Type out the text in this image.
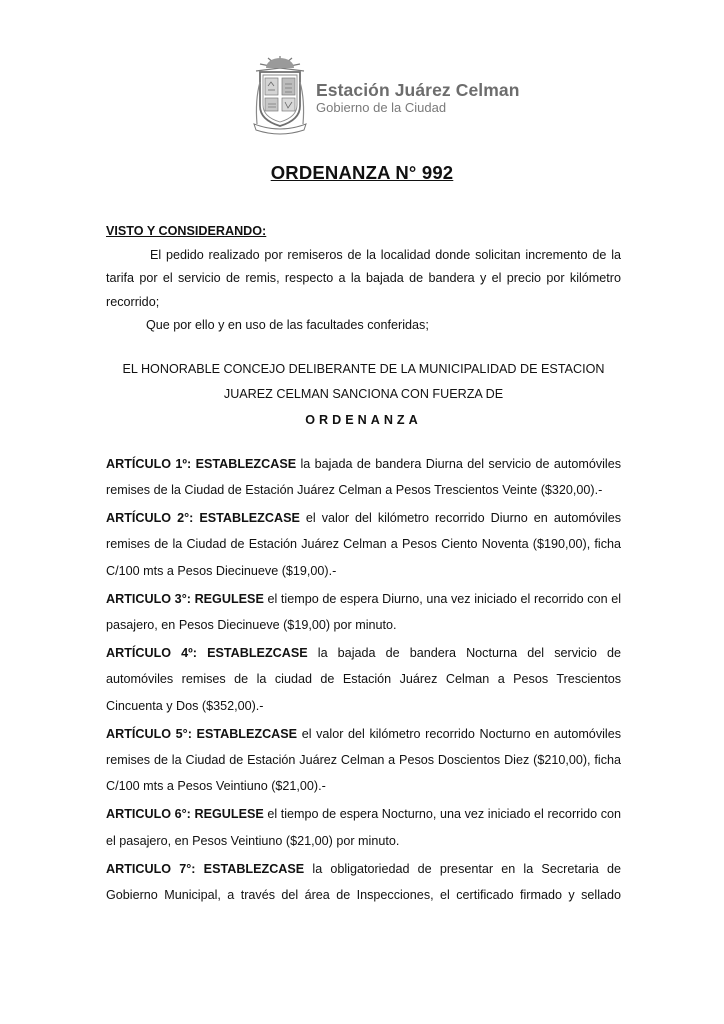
Estación Juárez Celman
Gobierno de la Ciudad
ORDENANZA N° 992

VISTO Y CONSIDERANDO:

El pedido realizado por remiseros de la localidad donde solicitan incremento de la tarifa por el servicio de remis, respecto a la bajada de bandera y el precio por kilómetro recorrido;

Que por ello y en uso de las facultades conferidas;

EL HONORABLE CONCEJO DELIBERANTE DE LA MUNICIPALIDAD DE ESTACION JUAREZ CELMAN SANCIONA CON FUERZA DE

ORDENANZA

ARTÍCULO 1º: ESTABLEZCASE la bajada de bandera Diurna del servicio de automóviles remises de la Ciudad de Estación Juárez Celman a Pesos Trescientos Veinte ($320,00).-

ARTÍCULO 2°: ESTABLEZCASE el valor del kilómetro recorrido Diurno en automóviles remises de la Ciudad de Estación Juárez Celman a Pesos Ciento Noventa ($190,00), ficha C/100 mts a Pesos Diecinueve ($19,00).-

ARTICULO 3°: REGULESE el tiempo de espera Diurno, una vez iniciado el recorrido con el pasajero, en Pesos Diecinueve ($19,00) por minuto.

ARTÍCULO 4º: ESTABLEZCASE la bajada de bandera Nocturna del servicio de automóviles remises de la ciudad de Estación Juárez Celman a Pesos Trescientos Cincuenta y Dos ($352,00).-

ARTÍCULO 5°: ESTABLEZCASE el valor del kilómetro recorrido Nocturno en automóviles remises de la Ciudad de Estación Juárez Celman a Pesos Doscientos Diez ($210,00), ficha C/100 mts a Pesos Veintiuno ($21,00).-

ARTICULO 6°: REGULESE el tiempo de espera Nocturno, una vez iniciado el recorrido con el pasajero, en Pesos Veintiuno ($21,00) por minuto.

ARTICULO 7°: ESTABLEZCASE la obligatoriedad de presentar en la Secretaria de Gobierno Municipal, a través del área de Inspecciones, el certificado firmado y sellado
